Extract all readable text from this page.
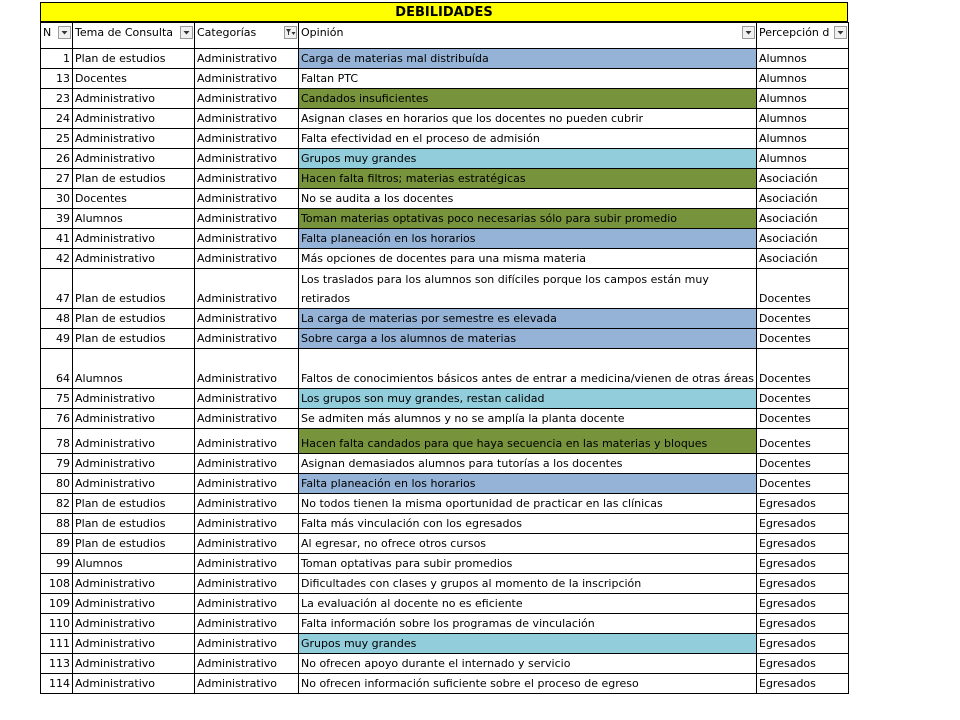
DEBILIDADES
N	Tema de Consulta	Categorías	Opinión	Percepción d

1	Plan de estudios	Administrativo	Carga de materias mal distribuída	Alumnos
13	Docentes	Administrativo	Faltan PTC	Alumnos
23	Administrativo	Administrativo	Candados insuficientes	Alumnos
24	Administrativo	Administrativo	Asignan clases en horarios que los docentes no pueden cubrir	Alumnos
25	Administrativo	Administrativo	Falta efectividad en el proceso de admisión	Alumnos
26	Administrativo	Administrativo	Grupos muy grandes	Alumnos
27	Plan de estudios	Administrativo	Hacen falta filtros; materias estratégicas	Asociación
30	Docentes	Administrativo	No se audita a los docentes	Asociación
39	Alumnos	Administrativo	Toman materias optativas poco necesarias sólo para subir promedio	Asociación
41	Administrativo	Administrativo	Falta planeación en los horarios	Asociación
42	Administrativo	Administrativo	Más opciones de docentes para una misma materia	Asociación
47	Plan de estudios	Administrativo	Los traslados para los alumnos son difíciles porque los campos están muy retirados	Docentes
48	Plan de estudios	Administrativo	La carga de materias por semestre es elevada	Docentes
49	Plan de estudios	Administrativo	Sobre carga a los alumnos de materias	Docentes
64	Alumnos	Administrativo	Faltos de conocimientos básicos antes de entrar a medicina/vienen de otras áreas	Docentes
75	Administrativo	Administrativo	Los grupos son muy grandes, restan calidad	Docentes
76	Administrativo	Administrativo	Se admiten más alumnos y no se amplía la planta docente	Docentes
78	Administrativo	Administrativo	Hacen falta candados para que haya secuencia en las materias y bloques	Docentes
79	Administrativo	Administrativo	Asignan demasiados alumnos para tutorías a los docentes	Docentes
80	Administrativo	Administrativo	Falta planeación en los horarios	Docentes
82	Plan de estudios	Administrativo	No todos tienen la misma oportunidad de practicar en las clínicas	Egresados
88	Plan de estudios	Administrativo	Falta más vinculación con los egresados	Egresados
89	Plan de estudios	Administrativo	Al egresar, no ofrece otros cursos	Egresados
99	Alumnos	Administrativo	Toman optativas para subir promedios	Egresados
108	Administrativo	Administrativo	Dificultades con clases y grupos al momento de la inscripción	Egresados
109	Administrativo	Administrativo	La evaluación al docente no es eficiente	Egresados
110	Administrativo	Administrativo	Falta información sobre los programas de vinculación	Egresados
111	Administrativo	Administrativo	Grupos muy grandes	Egresados
113	Administrativo	Administrativo	No ofrecen apoyo durante el internado y servicio	Egresados
114	Administrativo	Administrativo	No ofrecen información suficiente sobre el proceso de egreso	Egresados
